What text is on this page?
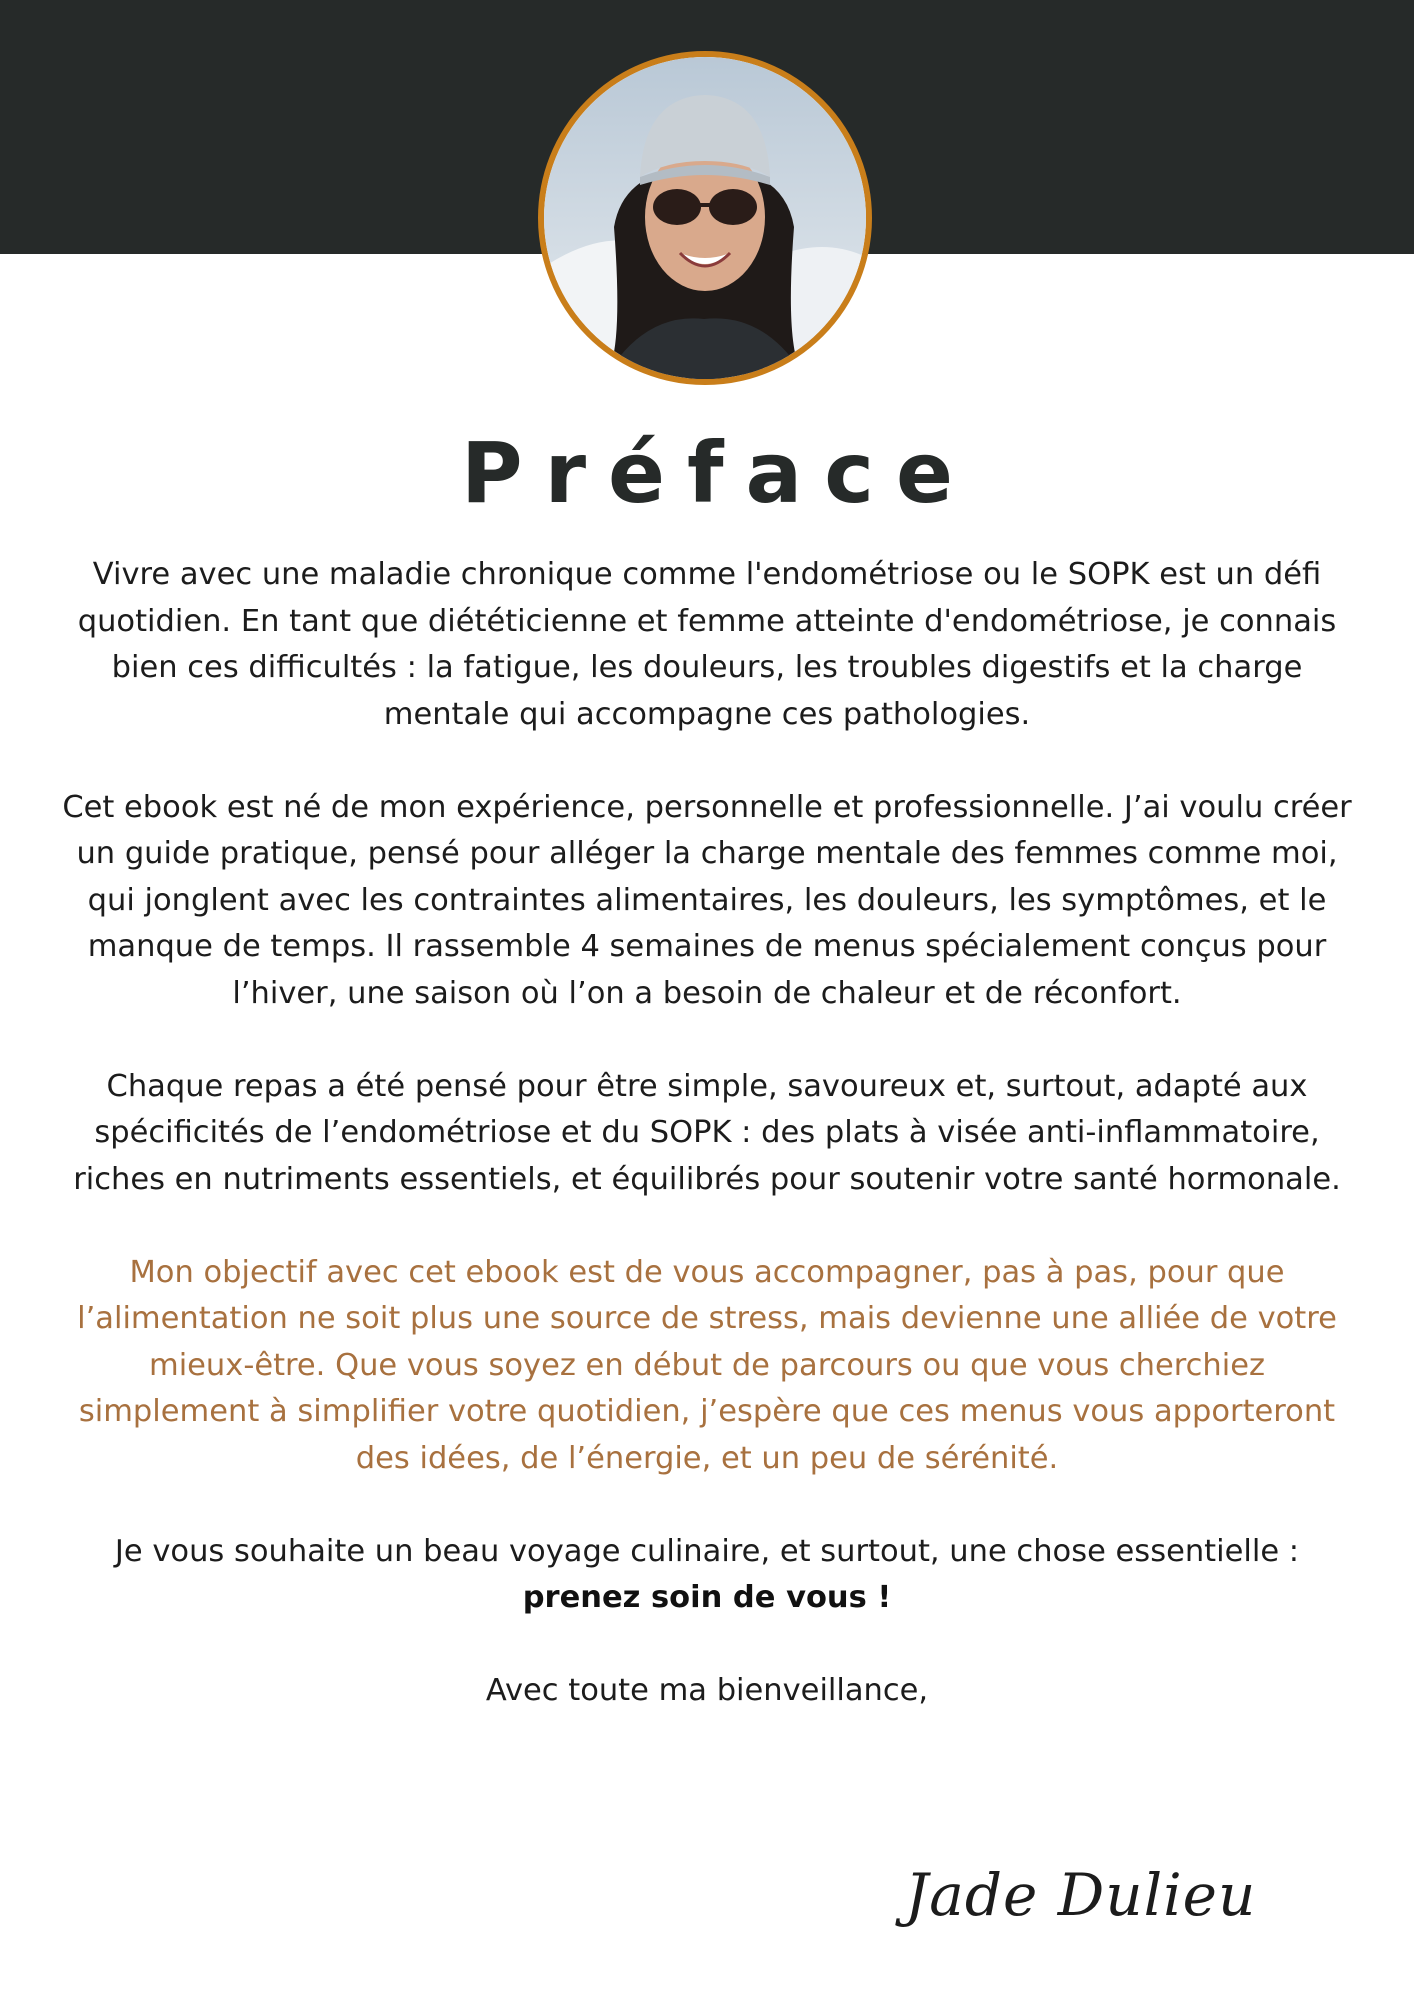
Préface

Vivre avec une maladie chronique comme l'endométriose ou le SOPK est un défi quotidien. En tant que diététicienne et femme atteinte d'endométriose, je connais bien ces difficultés : la fatigue, les douleurs, les troubles digestifs et la charge mentale qui accompagne ces pathologies.

Cet ebook est né de mon expérience, personnelle et professionnelle. J’ai voulu créer un guide pratique, pensé pour alléger la charge mentale des femmes comme moi, qui jonglent avec les contraintes alimentaires, les douleurs, les symptômes, et le manque de temps. Il rassemble 4 semaines de menus spécialement conçus pour l’hiver, une saison où l’on a besoin de chaleur et de réconfort.

Chaque repas a été pensé pour être simple, savoureux et, surtout, adapté aux spécificités de l’endométriose et du SOPK : des plats à visée anti-inflammatoire, riches en nutriments essentiels, et équilibrés pour soutenir votre santé hormonale.

Mon objectif avec cet ebook est de vous accompagner, pas à pas, pour que l’alimentation ne soit plus une source de stress, mais devienne une alliée de votre mieux-être. Que vous soyez en début de parcours ou que vous cherchiez simplement à simplifier votre quotidien, j’espère que ces menus vous apporteront des idées, de l’énergie, et un peu de sérénité.

Je vous souhaite un beau voyage culinaire, et surtout, une chose essentielle :
prenez soin de vous !

Avec toute ma bienveillance,

Jade Dulieu
